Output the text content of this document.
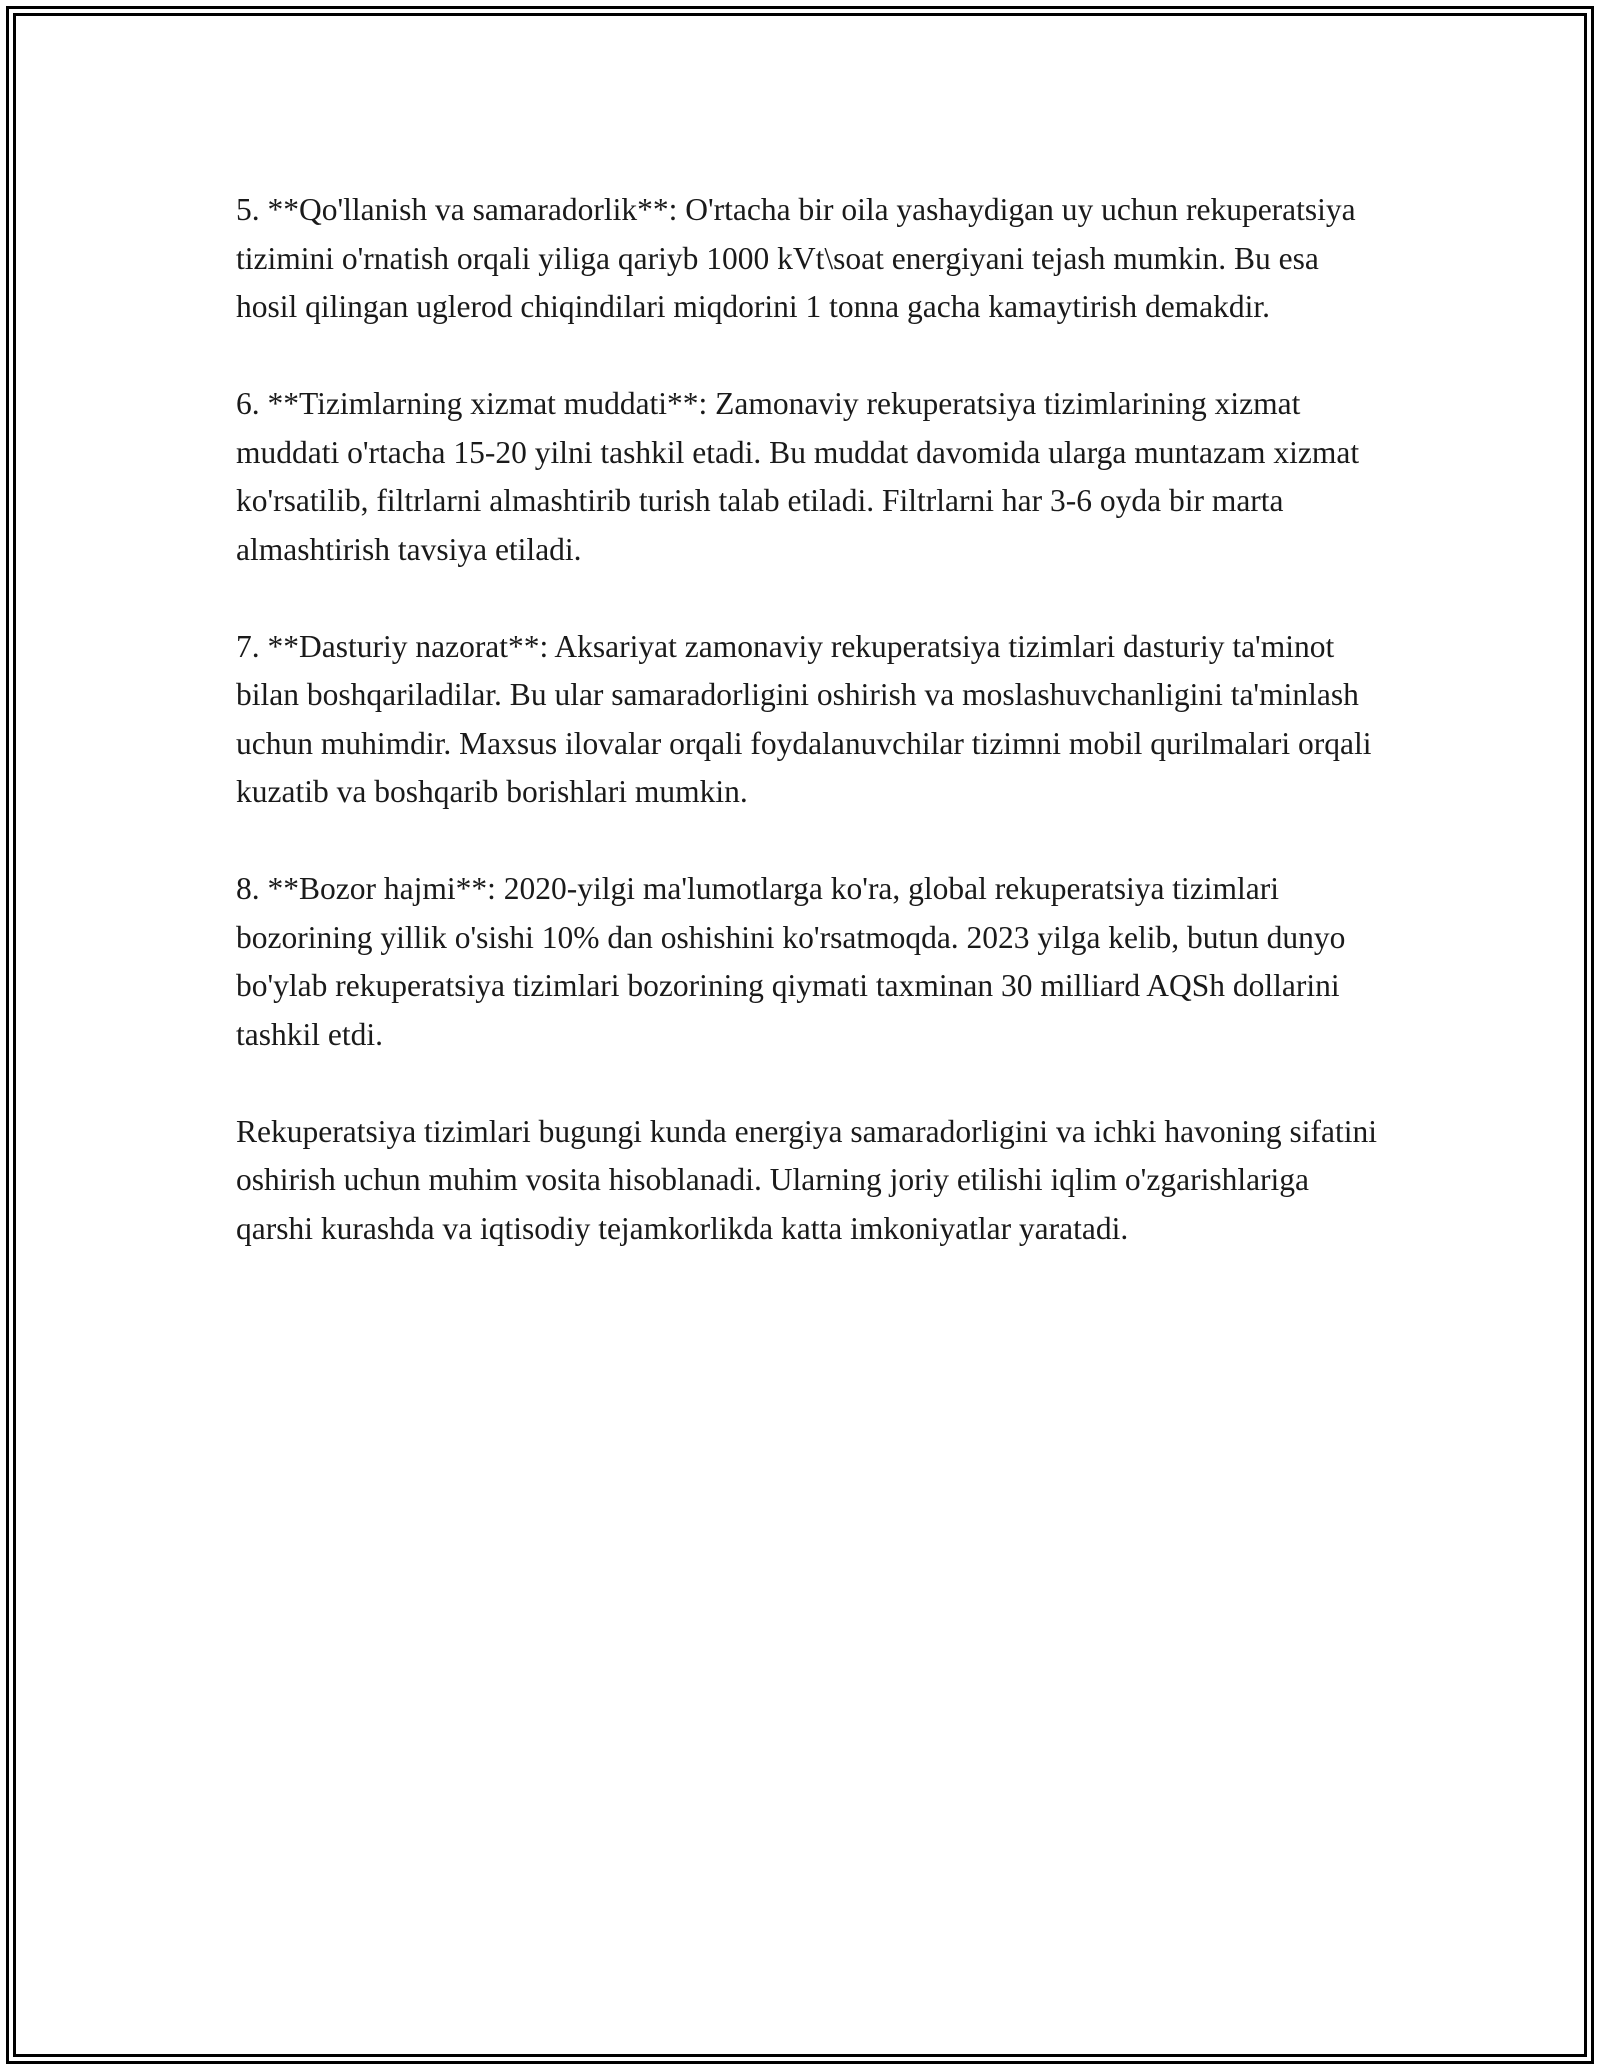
5. **Qo'llanish va samaradorlik**: O'rtacha bir oila yashaydigan uy uchun rekuperatsiya tizimini o'rnatish orqali yiliga qariyb 1000 kVt\soat energiyani tejash mumkin. Bu esa hosil qilingan uglerod chiqindilari miqdorini 1 tonna gacha kamaytirish demakdir.

6. **Tizimlarning xizmat muddati**: Zamonaviy rekuperatsiya tizimlarining xizmat muddati o'rtacha 15-20 yilni tashkil etadi. Bu muddat davomida ularga muntazam xizmat ko'rsatilib, filtrlarni almashtirib turish talab etiladi. Filtrlarni har 3-6 oyda bir marta almashtirish tavsiya etiladi.

7. **Dasturiy nazorat**: Aksariyat zamonaviy rekuperatsiya tizimlari dasturiy ta'minot bilan boshqariladilar. Bu ular samaradorligini oshirish va moslashuvchanligini ta'minlash uchun muhimdir. Maxsus ilovalar orqali foydalanuvchilar tizimni mobil qurilmalari orqali kuzatib va boshqarib borishlari mumkin.

8. **Bozor hajmi**: 2020-yilgi ma'lumotlarga ko'ra, global rekuperatsiya tizimlari bozorining yillik o'sishi 10% dan oshishini ko'rsatmoqda. 2023 yilga kelib, butun dunyo bo'ylab rekuperatsiya tizimlari bozorining qiymati taxminan 30 milliard AQSh dollarini tashkil etdi.

Rekuperatsiya tizimlari bugungi kunda energiya samaradorligini va ichki havoning sifatini oshirish uchun muhim vosita hisoblanadi. Ularning joriy etilishi iqlim o'zgarishlariga qarshi kurashda va iqtisodiy tejamkorlikda katta imkoniyatlar yaratadi.
